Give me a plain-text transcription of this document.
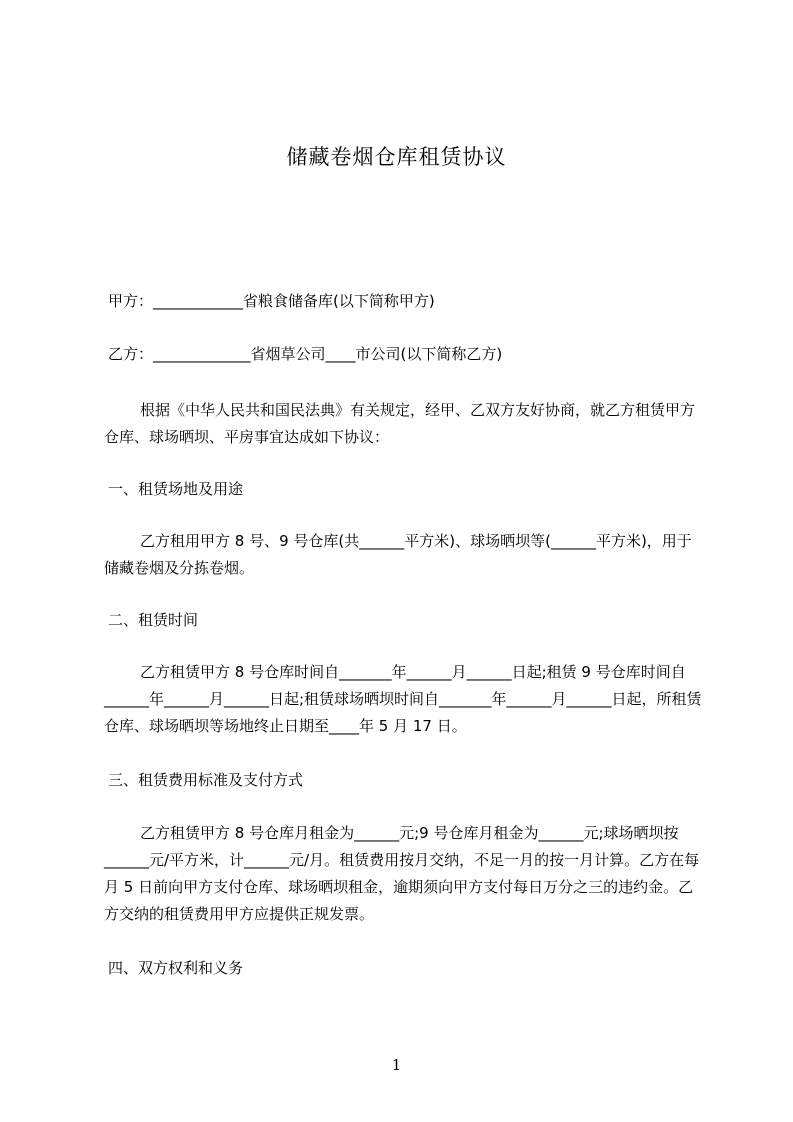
储藏卷烟仓库租赁协议
甲方：____________省粮食储备库(以下简称甲方)
乙方：_____________省烟草公司____市公司(以下简称乙方)
根据《中华人民共和国民法典》有关规定，经甲、乙双方友好协商，就乙方租赁甲方仓库、球场晒坝、平房事宜达成如下协议：
一、租赁场地及用途
乙方租用甲方 8 号、9 号仓库(共______平方米)、球场晒坝等(______平方米)，用于储藏卷烟及分拣卷烟。
二、租赁时间
乙方租赁甲方 8 号仓库时间自_______年______月______日起;租赁 9 号仓库时间自______年______月______日起;租赁球场晒坝时间自_______年______月______日起，所租赁仓库、球场晒坝等场地终止日期至____年 5 月 17 日。
三、租赁费用标准及支付方式
乙方租赁甲方 8 号仓库月租金为______元;9 号仓库月租金为______元;球场晒坝按______元/平方米，计______元/月。租赁费用按月交纳，不足一月的按一月计算。乙方在每月 5 日前向甲方支付仓库、球场晒坝租金，逾期须向甲方支付每日万分之三的违约金。乙方交纳的租赁费用甲方应提供正规发票。
四、双方权利和义务
1
